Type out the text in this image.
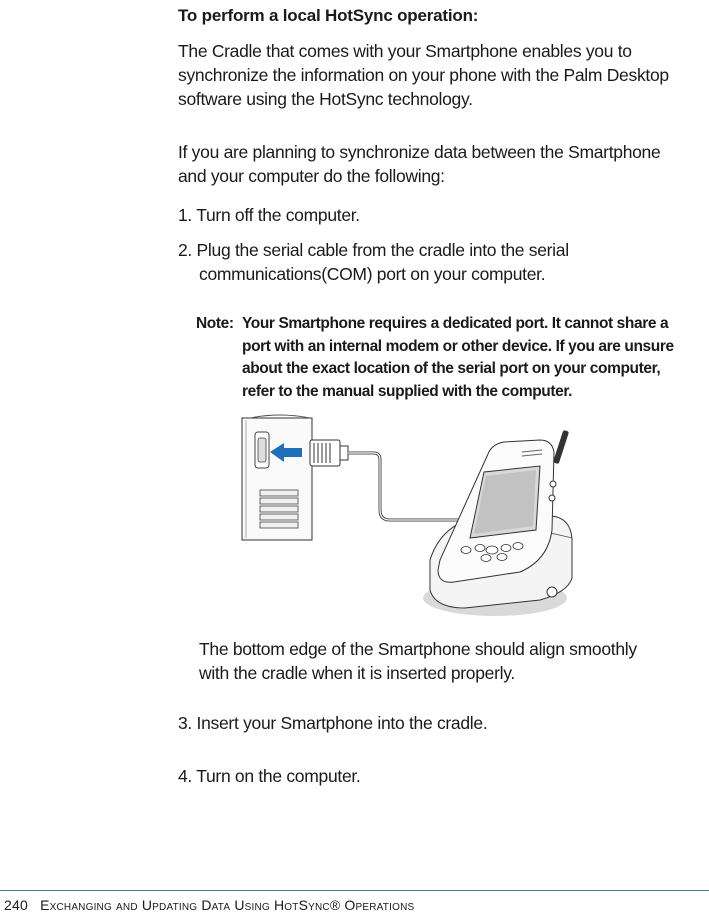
To perform a local HotSync operation:

The Cradle that comes with your Smartphone enables you to synchronize the information on your phone with the Palm Desktop software using the HotSync technology.

If you are planning to synchronize data between the Smartphone and your computer do the following:

1. Turn off the computer.

2. Plug the serial cable from the cradle into the serial communications(COM) port on your computer.

Note: Your Smartphone requires a dedicated port. It cannot share a port with an internal modem or other device. If you are unsure about the exact location of the serial port on your computer, refer to the manual supplied with the computer.

The bottom edge of the Smartphone should align smoothly with the cradle when it is inserted properly.

3. Insert your Smartphone into the cradle.

4. Turn on the computer.

240 Exchanging and Updating Data Using HotSync® Operations
